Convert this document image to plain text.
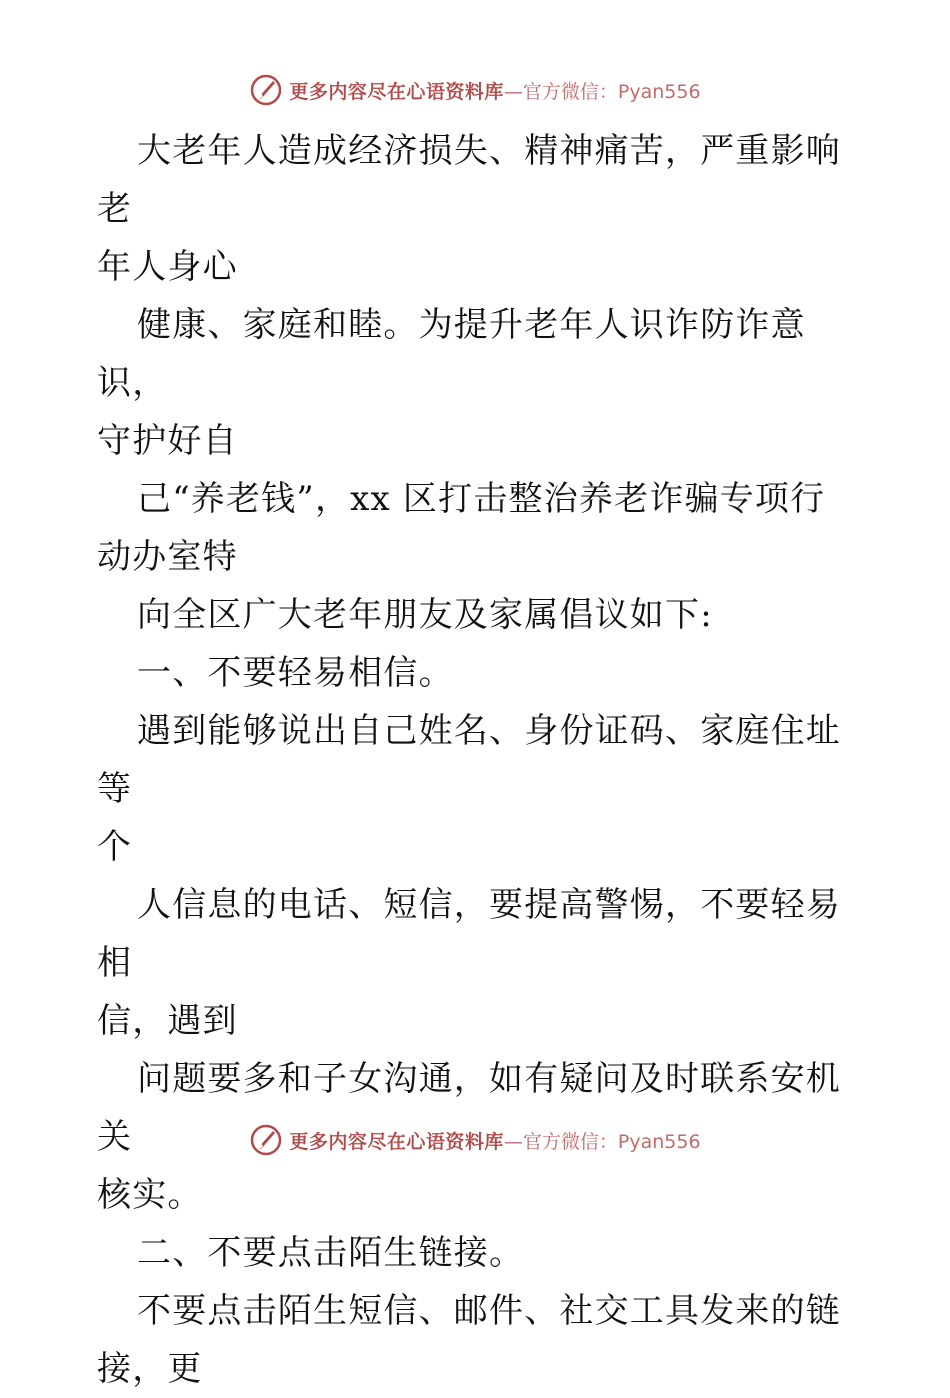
更多内容尽在心语资料库 —官方微信：Pyan556

大老年人造成经济损失、精神痛苦，严重影响老
年人身心

健康、家庭和睦。为提升老年人识诈防诈意识，
守护好自

己“养老钱”，xx 区打击整治养老诈骗专项行
动办室特

向全区广大老年朋友及家属倡议如下:

一、不要轻易相信。

遇到能够说出自己姓名、身份证码、家庭住址等
个

人信息的电话、短信，要提高警惕，不要轻易相
信，遇到

问题要多和子女沟通，如有疑问及时联系安机关
核实。

二、不要点击陌生链接。

不要点击陌生短信、邮件、社交工具发来的链
接，更

更多内容尽在心语资料库 —官方微信：Pyan556
